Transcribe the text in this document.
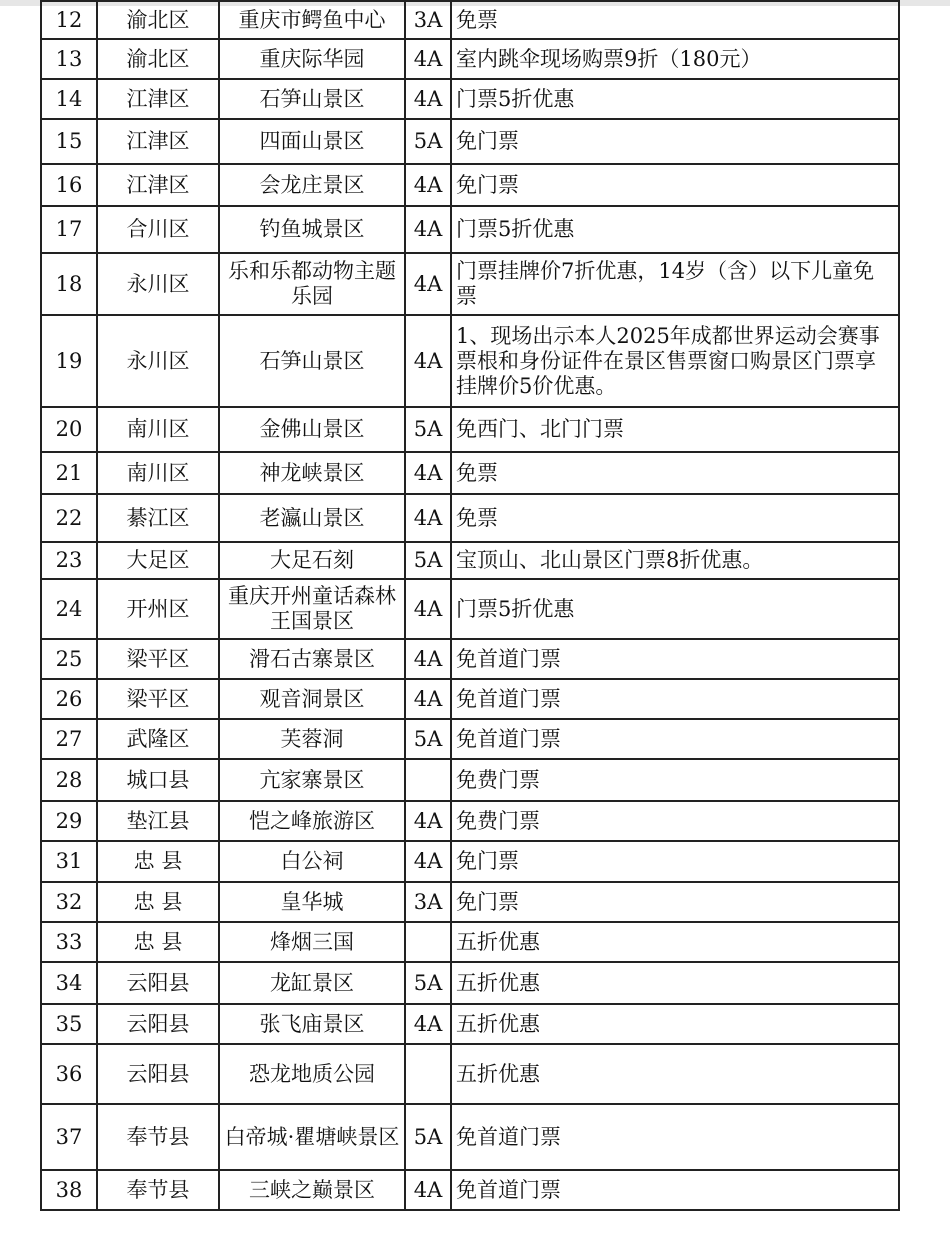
12	渝北区	重庆市鳄鱼中心	3A	免票
13	渝北区	重庆际华园	4A	室内跳伞现场购票9折（180元）
14	江津区	石笋山景区	4A	门票5折优惠
15	江津区	四面山景区	5A	免门票
16	江津区	会龙庄景区	4A	免门票
17	合川区	钓鱼城景区	4A	门票5折优惠
18	永川区	乐和乐都动物主题乐园	4A	门票挂牌价7折优惠，14岁（含）以下儿童免票
19	永川区	石笋山景区	4A	1、现场出示本人2025年成都世界运动会赛事票根和身份证件在景区售票窗口购景区门票享挂牌价5价优惠。
20	南川区	金佛山景区	5A	免西门、北门门票
21	南川区	神龙峡景区	4A	免票
22	綦江区	老瀛山景区	4A	免票
23	大足区	大足石刻	5A	宝顶山、北山景区门票8折优惠。
24	开州区	重庆开州童话森林王国景区	4A	门票5折优惠
25	梁平区	滑石古寨景区	4A	免首道门票
26	梁平区	观音洞景区	4A	免首道门票
27	武隆区	芙蓉洞	5A	免首道门票
28	城口县	亢家寨景区		免费门票
29	垫江县	恺之峰旅游区	4A	免费门票
31	忠 县	白公祠	4A	免门票
32	忠 县	皇华城	3A	免门票
33	忠 县	烽烟三国		五折优惠
34	云阳县	龙缸景区	5A	五折优惠
35	云阳县	张飞庙景区	4A	五折优惠
36	云阳县	恐龙地质公园		五折优惠
37	奉节县	白帝城·瞿塘峡景区	5A	免首道门票
38	奉节县	三峡之巅景区	4A	免首道门票
